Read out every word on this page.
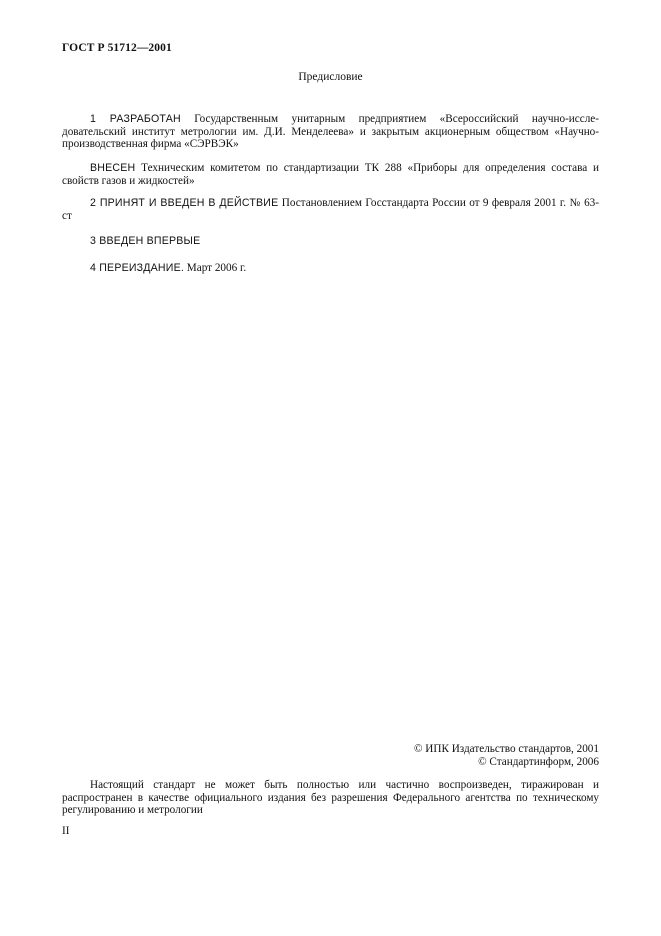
ГОСТ Р 51712—2001
Предисловие

1 РАЗРАБОТАН Государственным унитарным предприятием «Всероссийский научно-иссле-довательский институт метрологии им. Д.И. Менделеева» и закрытым акционерным обществом «Научно-производственная фирма «СЭРВЭК»

ВНЕСЕН Техническим комитетом по стандартизации ТК 288 «Приборы для определения состава и свойств газов и жидкостей»

2 ПРИНЯТ И ВВЕДЕН В ДЕЙСТВИЕ Постановлением Госстандарта России от 9 февраля 2001 г. № 63-ст

3 ВВЕДЕН ВПЕРВЫЕ

4 ПЕРЕИЗДАНИЕ. Март 2006 г.

© ИПК Издательство стандартов, 2001
© Стандартинформ, 2006

Настоящий стандарт не может быть полностью или частично воспроизведен, тиражирован и распространен в качестве официального издания без разрешения Федерального агентства по техническому регулированию и метрологии

II
